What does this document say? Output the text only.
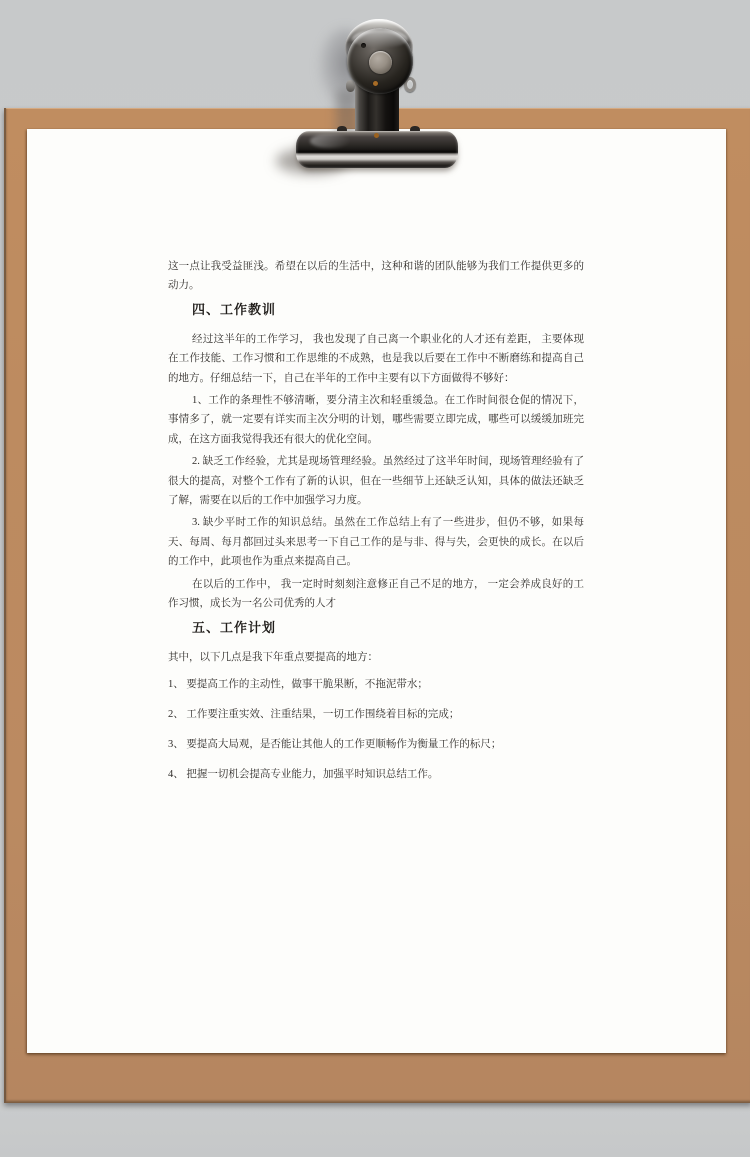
这一点让我受益匪浅。希望在以后的生活中，这种和谐的团队能够为我们工作提供更多的动力。

四、工作教训

经过这半年的工作学习， 我也发现了自己离一个职业化的人才还有差距， 主要体现在工作技能、工作习惯和工作思维的不成熟，也是我以后要在工作中不断磨练和提高自己的地方。仔细总结一下，自己在半年的工作中主要有以下方面做得不够好：

1、工作的条理性不够清晰，要分清主次和轻重缓急。在工作时间很仓促的情况下，事情多了，就一定要有详实而主次分明的计划，哪些需要立即完成，哪些可以缓缓加班完成，在这方面我觉得我还有很大的优化空间。

2. 缺乏工作经验，尤其是现场管理经验。虽然经过了这半年时间，现场管理经验有了很大的提高，对整个工作有了新的认识，但在一些细节上还缺乏认知，具体的做法还缺乏了解，需要在以后的工作中加强学习力度。

3. 缺少平时工作的知识总结。虽然在工作总结上有了一些进步，但仍不够，如果每天、每周、每月都回过头来思考一下自己工作的是与非、得与失，会更快的成长。在以后的工作中，此项也作为重点来提高自己。

在以后的工作中， 我一定时时刻刻注意修正自己不足的地方， 一定会养成良好的工作习惯，成长为一名公司优秀的人才

五、工作计划

其中，以下几点是我下年重点要提高的地方：

1、 要提高工作的主动性，做事干脆果断，不拖泥带水；

2、 工作要注重实效、注重结果，一切工作围绕着目标的完成；

3、 要提高大局观，是否能让其他人的工作更顺畅作为衡量工作的标尺；

4、 把握一切机会提高专业能力，加强平时知识总结工作。
